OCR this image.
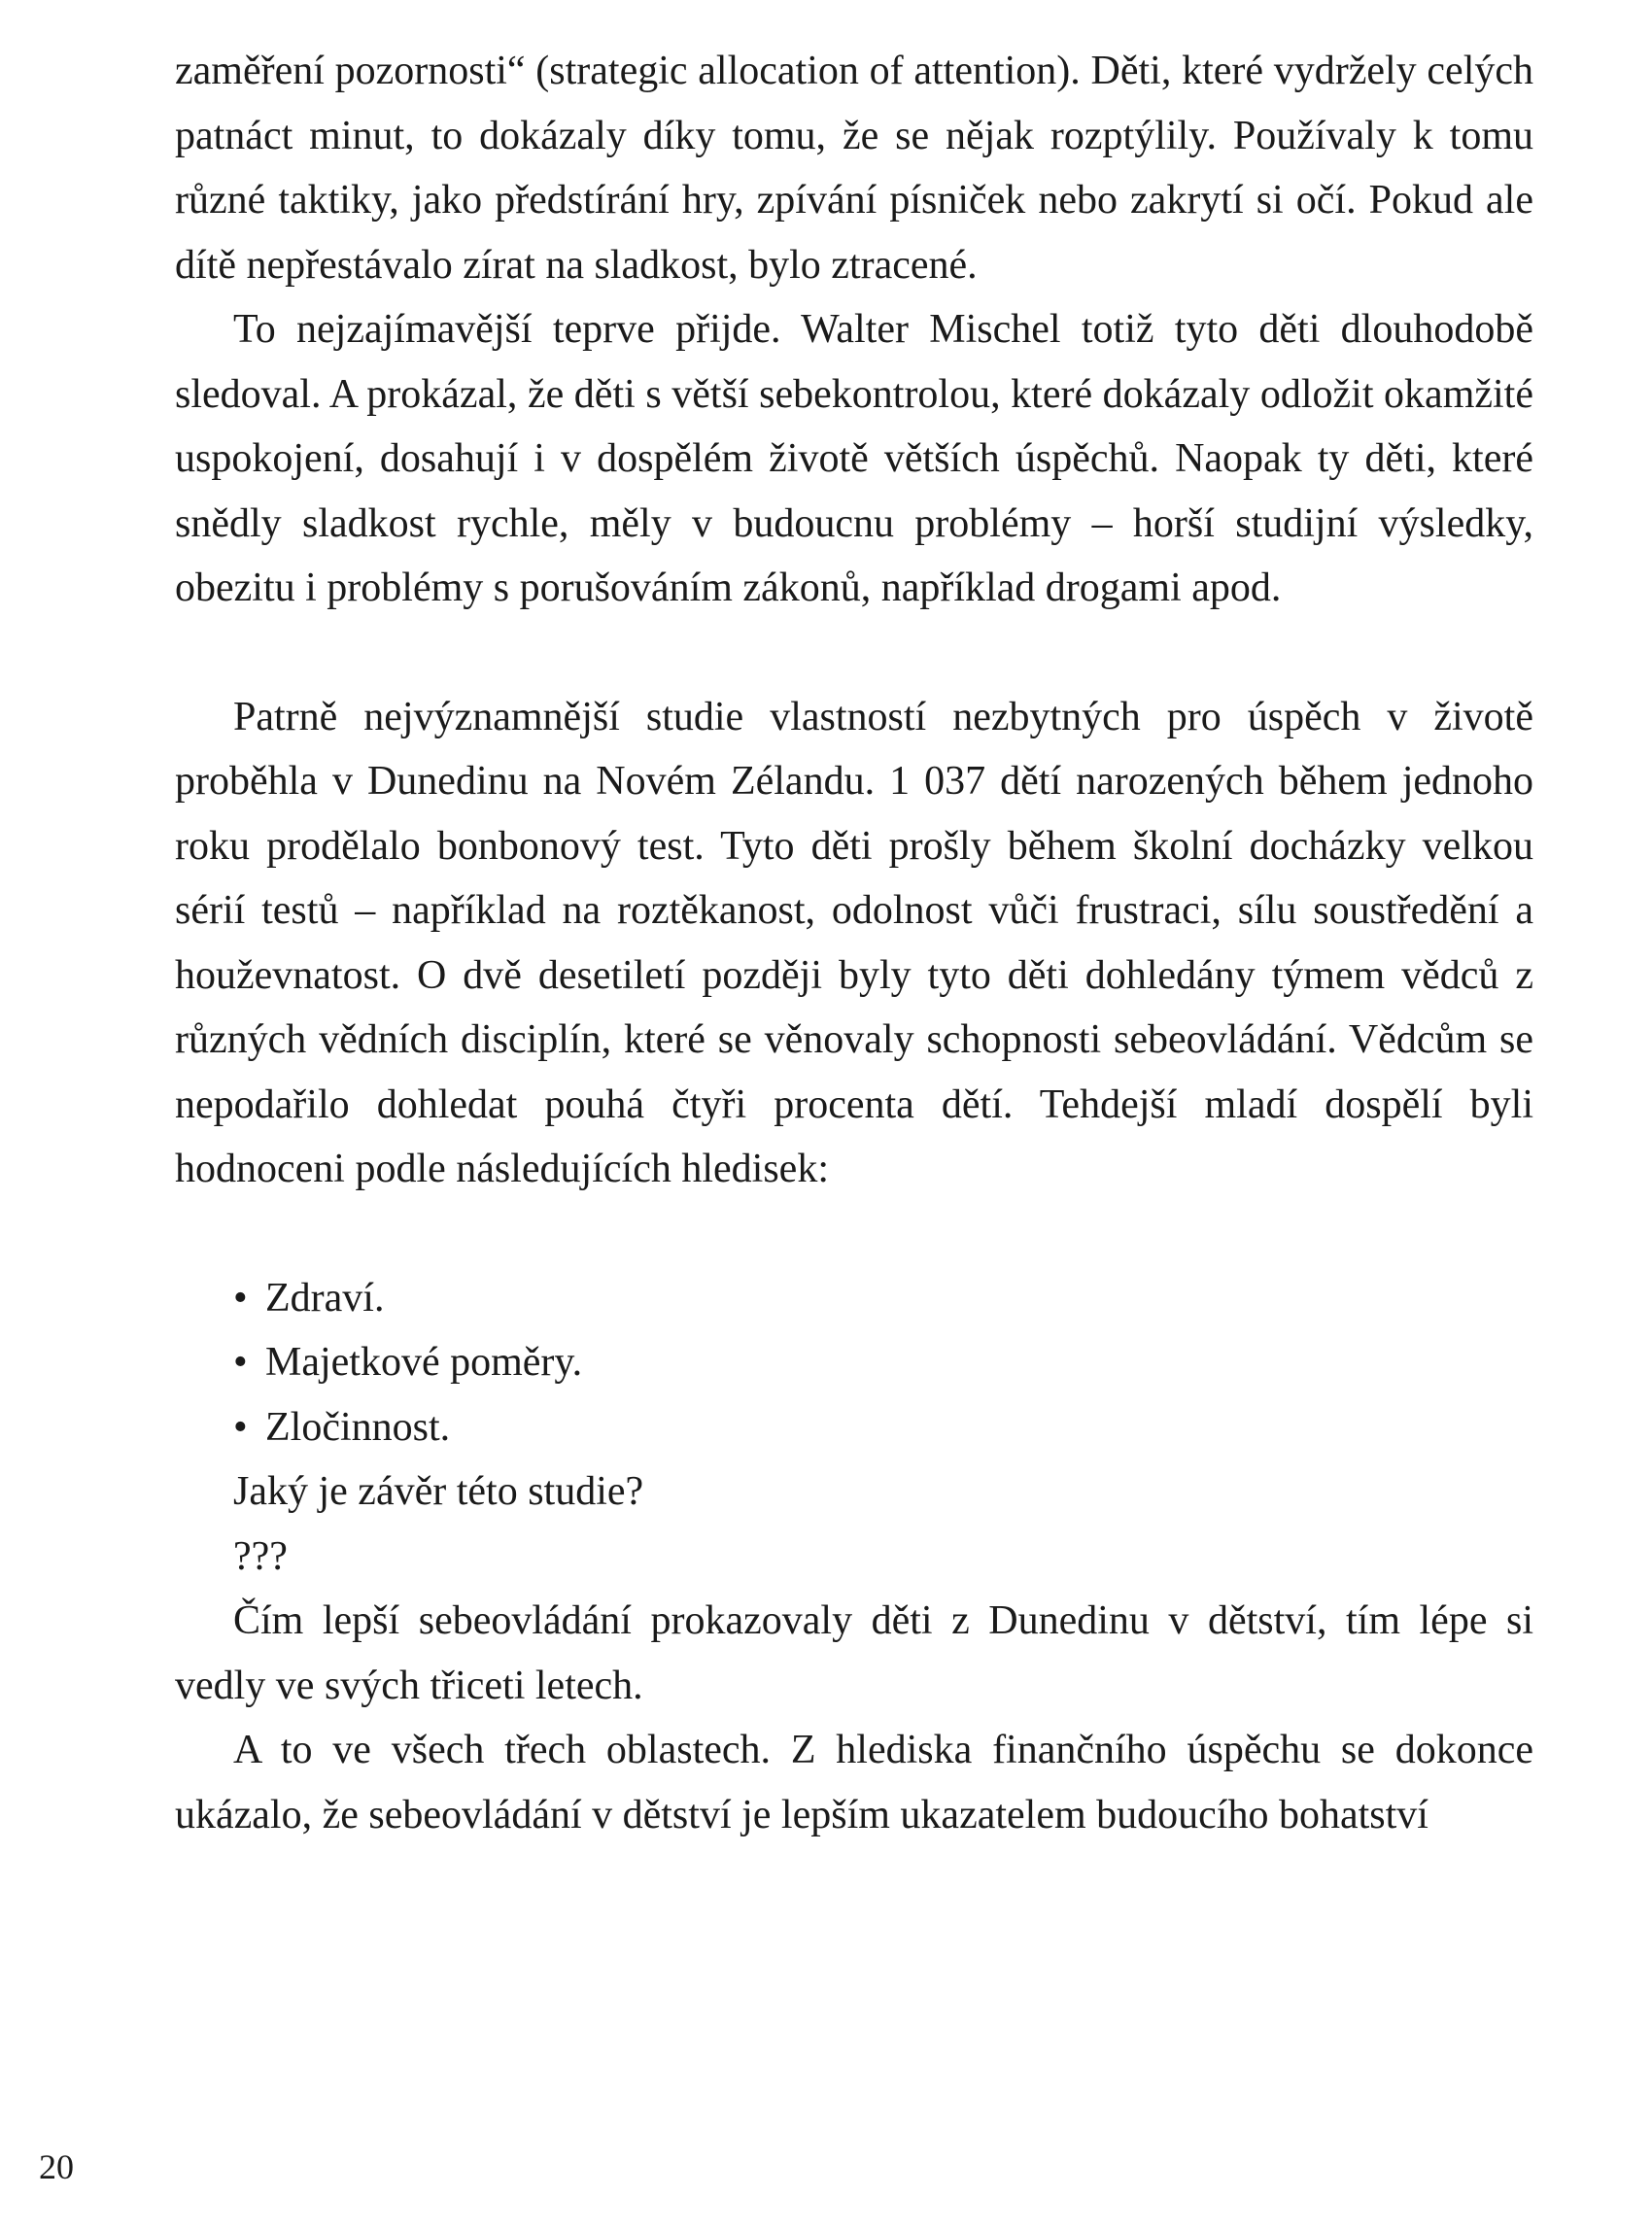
zaměření pozornosti“ (strategic allocation of attention). Děti, které vydržely celých patnáct minut, to dokázaly díky tomu, že se nějak rozptýlily. Používaly k tomu různé taktiky, jako předstírání hry, zpívání písniček nebo zakrytí si očí. Pokud ale dítě nepřestávalo zírat na sladkost, bylo ztracené.

To nejzajímavější teprve přijde. Walter Mischel totiž tyto děti dlouhodobě sledoval. A prokázal, že děti s větší sebekontrolou, které dokázaly odložit okamžité uspokojení, dosahují i v dospělém životě větších úspěchů. Naopak ty děti, které snědly sladkost rychle, měly v budoucnu problémy – horší studijní výsledky, obezitu i problémy s porušováním zákonů, například drogami apod.

Patrně nejvýznamnější studie vlastností nezbytných pro úspěch v životě proběhla v Dunedinu na Novém Zélandu. 1 037 dětí narozených během jednoho roku prodělalo bonbonový test. Tyto děti prošly během školní docházky velkou sérií testů – například na roztěkanost, odolnost vůči frustraci, sílu soustředění a houževnatost. O dvě desetiletí později byly tyto děti dohledány týmem vědců z různých vědních disciplín, které se věnovaly schopnosti sebeovládání. Vědcům se nepodařilo dohledat pouhá čtyři procenta dětí. Tehdejší mladí dospělí byli hodnoceni podle následujících hledisek:

• Zdraví.
• Majetkové poměry.
• Zločinnost.

Jaký je závěr této studie?

???

Čím lepší sebeovládání prokazovaly děti z Dunedinu v dětství, tím lépe si vedly ve svých třiceti letech.

A to ve všech třech oblastech. Z hlediska finančního úspěchu se dokonce ukázalo, že sebeovládání v dětství je lepším ukazatelem budoucího bohatství

20
